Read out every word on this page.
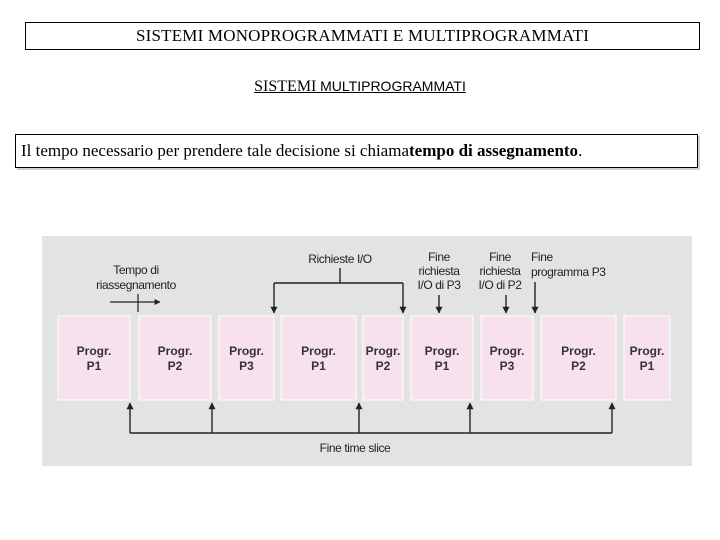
SISTEMI MONOPROGRAMMATI E MULTIPROGRAMMATI
SISTEMI MULTIPROGRAMMATI
Il tempo necessario per prendere tale decisione si chiama tempo di assegnamento .
Progr.
P1
Progr.
P2
Progr.
P3
Progr.
P1
Progr.
P2
Progr.
P1
Progr.
P3
Progr.
P2
Progr.
P1
Tempo di
riassegnamento
Richieste I/O	Fine
richiesta
I/O di P3
Fine
richiesta
I/O di P2
Fine
programma P3
Fine time slice
